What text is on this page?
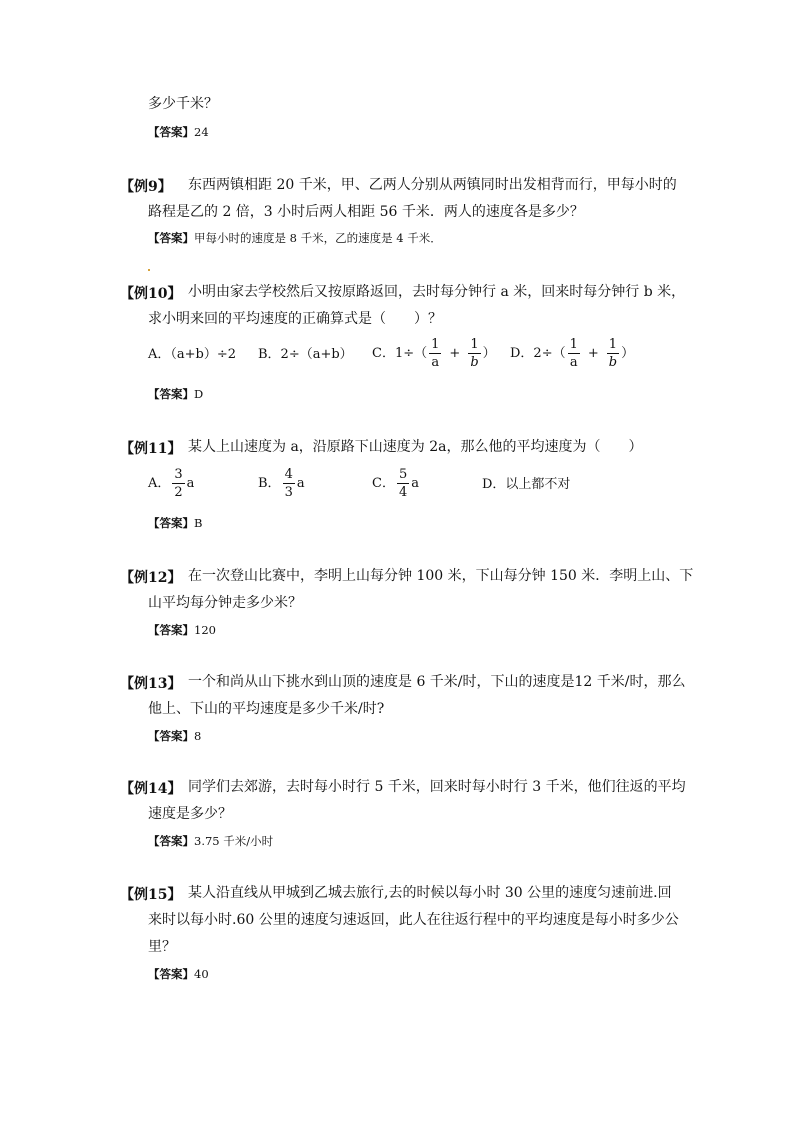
多少千米？
【答案】24
【例9】 东西两镇相距 20 千米，甲、乙两人分别从两镇同时出发相背而行，甲每小时的
路程是乙的 2 倍，3 小时后两人相距 56 千米．两人的速度各是多少？
【答案】甲每小时的速度是 8 千米，乙的速度是 4 千米．
【例10】 小明由家去学校然后又按原路返回，去时每分钟行 a 米，回来时每分钟行 b 米，
求小明来回的平均速度的正确算式是（　　）？
A．（a+b）÷2 B．2÷（a+b） C．$1\div( \frac{1}{a} + \frac{1}{b}$ ） D．$2\div( \frac{1}{a} + \frac{1}{b}$ ）
【答案】D
【例11】 某人上山速度为 a，沿原路下山速度为 2a，那么他的平均速度为（　　）
A． $\frac{3}{2}$ a	B． $\frac{4}{3}$ a	C． $\frac{5}{4}$ a	D．以上都不对
【答案】B
【例12】 在一次登山比赛中，李明上山每分钟 100 米，下山每分钟 150 米．李明上山、下
山平均每分钟走多少米？
【答案】120
【例13】 一个和尚从山下挑水到山顶的速度是 6 千米/时，下山的速度是12 千米/时，那么
他上、下山的平均速度是多少千米/时?
【答案】8
【例14】 同学们去郊游，去时每小时行 5 千米，回来时每小时行 3 千米，他们往返的平均
速度是多少？
【答案】3.75 千米/小时
【例15】 某人沿直线从甲城到乙城去旅行,去的时候以每小时 30 公里的速度匀速前进.回
来时以每小时.60 公里的速度匀速返回，此人在往返行程中的平均速度是每小时多少公
里？
【答案】40
